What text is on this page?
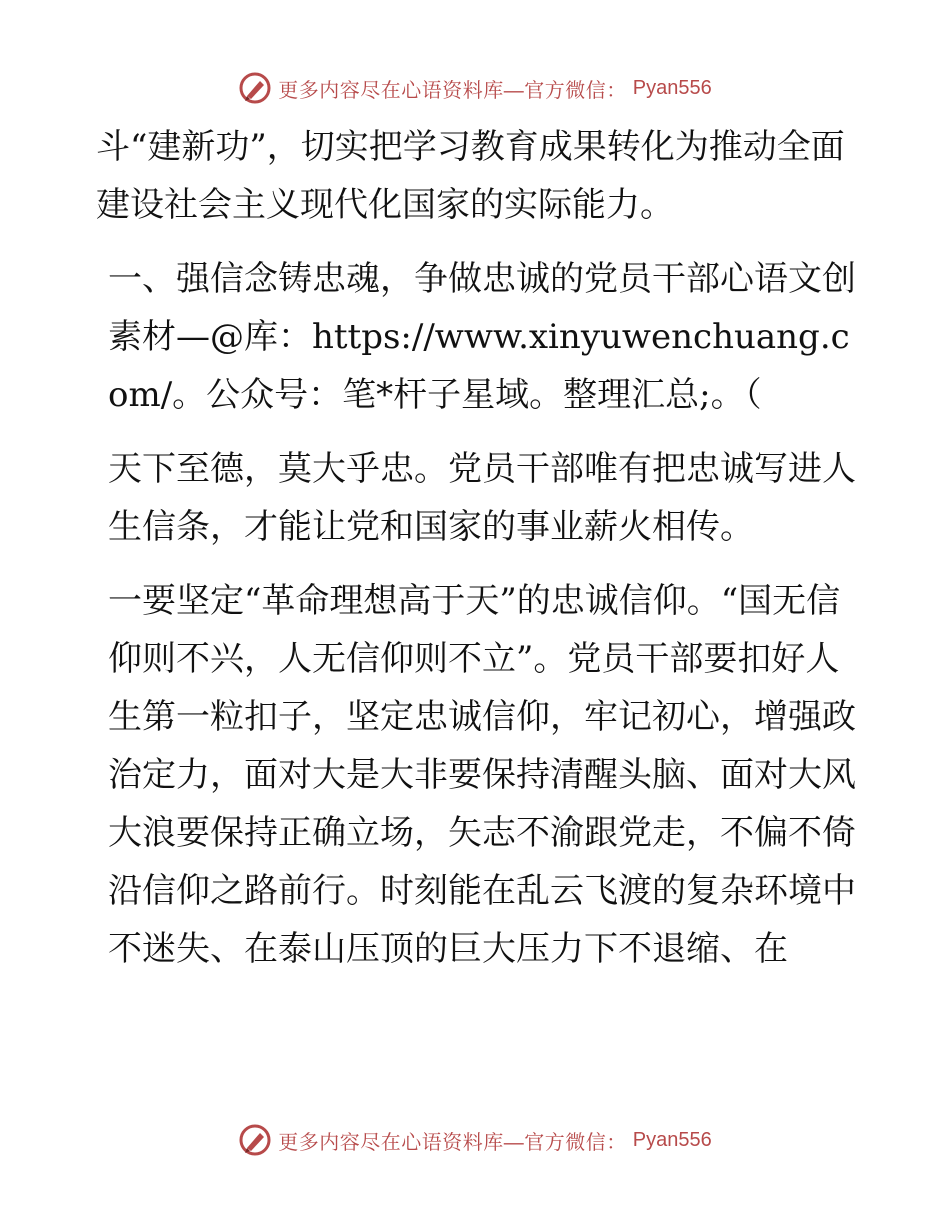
更多内容尽在心语资料库—官方微信： Pyan556

斗“建新功”，切实把学习教育成果转化为推动全面建设社会主义现代化国家的实际能力。

一、强信念铸忠魂，争做忠诚的党员干部心语文创素材—@库：https://www.xinyuwenchuang.com/。公众号：笔*杆子星域。整理汇总;。（

天下至德，莫大乎忠。党员干部唯有把忠诚写进人生信条，才能让党和国家的事业薪火相传。

一要坚定“革命理想高于天”的忠诚信仰。“国无信仰则不兴，人无信仰则不立”。党员干部要扣好人生第一粒扣子，坚定忠诚信仰，牢记初心，增强政治定力，面对大是大非要保持清醒头脑、面对大风大浪要保持正确立场，矢志不渝跟党走，不偏不倚沿信仰之路前行。时刻能在乱云飞渡的复杂环境中不迷失、在泰山压顶的巨大压力下不退缩、在

更多内容尽在心语资料库—官方微信： Pyan556
